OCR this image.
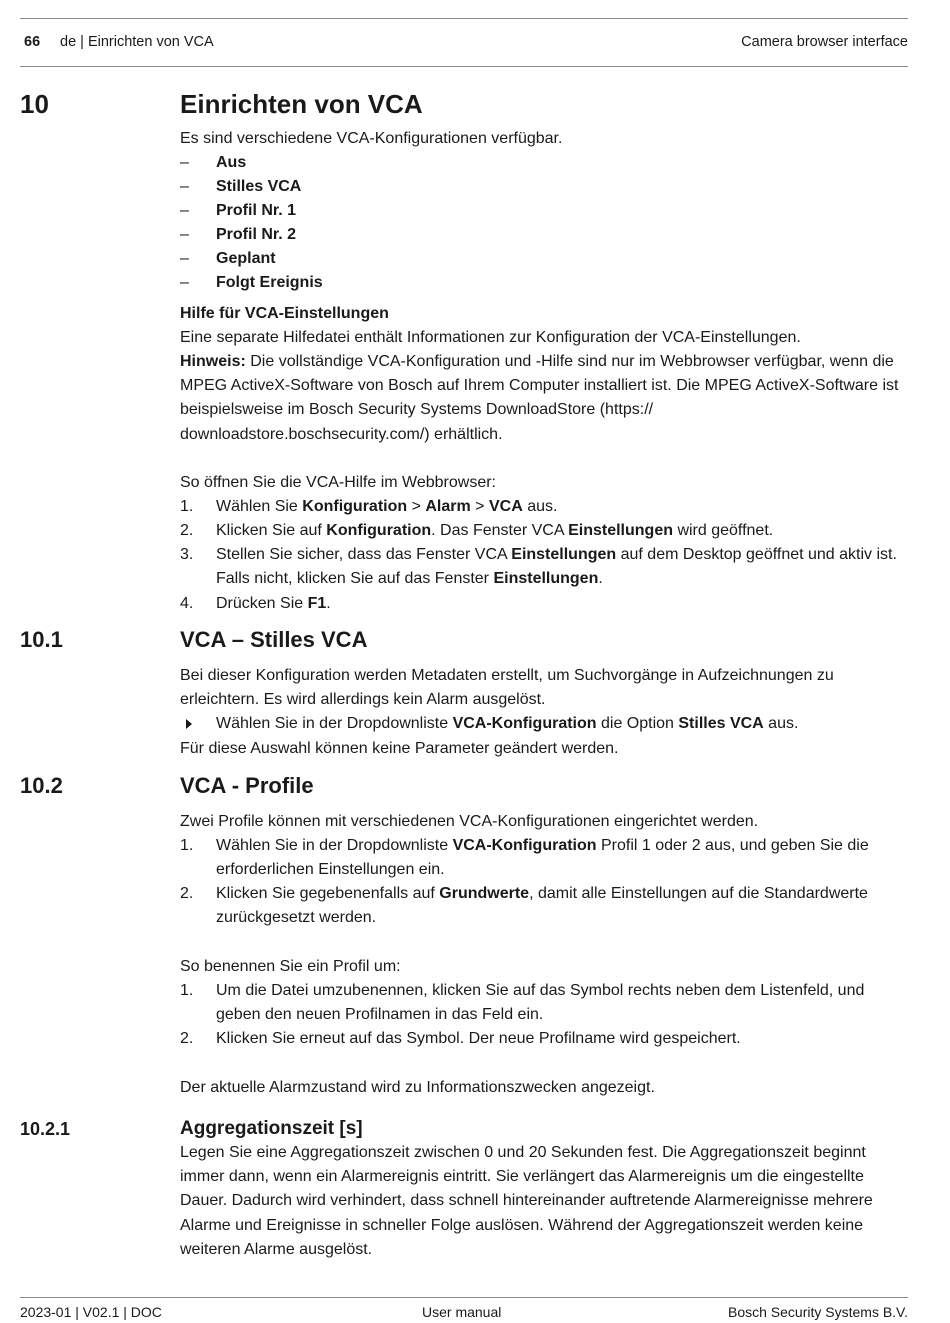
66 de | Einrichten von VCA	Camera browser interface
10	Einrichten von VCA

Es sind verschiedene VCA-Konfigurationen verfügbar.

– Aus
– Stilles VCA
– Profil Nr. 1
– Profil Nr. 2
– Geplant
– Folgt Ereignis

Hilfe für VCA-Einstellungen

Eine separate Hilfedatei enthält Informationen zur Konfiguration der VCA-Einstellungen.

Hinweis: Die vollständige VCA-Konfiguration und -Hilfe sind nur im Webbrowser verfügbar, wenn die MPEG ActiveX-Software von Bosch auf Ihrem Computer installiert ist. Die MPEG ActiveX-Software ist beispielsweise im Bosch Security Systems DownloadStore (https:// downloadstore.boschsecurity.com/) erhältlich.

So öffnen Sie die VCA-Hilfe im Webbrowser:

1. Wählen Sie Konfiguration > Alarm > VCA aus.
2. Klicken Sie auf Konfiguration. Das Fenster VCA Einstellungen wird geöffnet.
3. Stellen Sie sicher, dass das Fenster VCA Einstellungen auf dem Desktop geöffnet und aktiv ist. Falls nicht, klicken Sie auf das Fenster Einstellungen.
4. Drücken Sie F1.
10.1	VCA – Stilles VCA

Bei dieser Konfiguration werden Metadaten erstellt, um Suchvorgänge in Aufzeichnungen zu erleichtern. Es wird allerdings kein Alarm ausgelöst.

Wählen Sie in der Dropdownliste VCA-Konfiguration die Option Stilles VCA aus.

Für diese Auswahl können keine Parameter geändert werden.

10.2	VCA - Profile

Zwei Profile können mit verschiedenen VCA-Konfigurationen eingerichtet werden.

1. Wählen Sie in der Dropdownliste VCA-Konfiguration Profil 1 oder 2 aus, und geben Sie die erforderlichen Einstellungen ein.
2. Klicken Sie gegebenenfalls auf Grundwerte, damit alle Einstellungen auf die Standardwerte zurückgesetzt werden.

So benennen Sie ein Profil um:

1. Um die Datei umzubenennen, klicken Sie auf das Symbol rechts neben dem Listenfeld, und geben den neuen Profilnamen in das Feld ein.
2. Klicken Sie erneut auf das Symbol. Der neue Profilname wird gespeichert.

Der aktuelle Alarmzustand wird zu Informationszwecken angezeigt.

10.2.1	Aggregationszeit [s]

Legen Sie eine Aggregationszeit zwischen 0 und 20 Sekunden fest. Die Aggregationszeit beginnt immer dann, wenn ein Alarmereignis eintritt. Sie verlängert das Alarmereignis um die eingestellte Dauer. Dadurch wird verhindert, dass schnell hintereinander auftretende Alarmereignisse mehrere Alarme und Ereignisse in schneller Folge auslösen. Während der Aggregationszeit werden keine weiteren Alarme ausgelöst.

2023-01 | V02.1 | DOC	User manual	Bosch Security Systems B.V.
